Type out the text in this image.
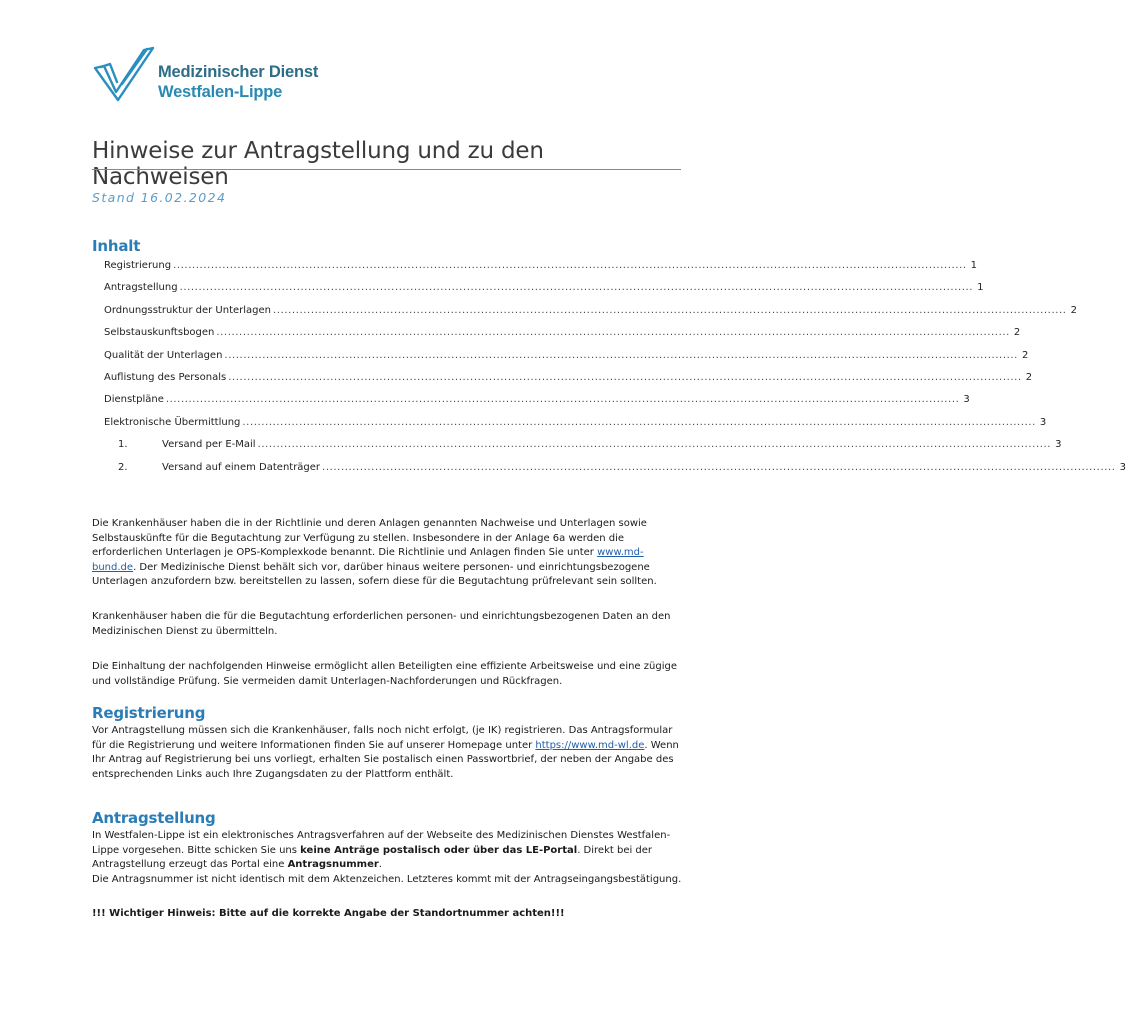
Medizinischer Dienst
Westfalen-Lippe
Hinweise zur Antragstellung und zu den Nachweisen
Stand 16.02.2024
Inhalt
Registrierung .................................................................................................................................................................................................................. 1
Antragstellung .................................................................................................................................................................................................................. 1
Ordnungsstruktur der Unterlagen .................................................................................................................................................................................................................. 2
Selbstauskunftsbogen .................................................................................................................................................................................................................. 2
Qualität der Unterlagen .................................................................................................................................................................................................................. 2
Auflistung des Personals .................................................................................................................................................................................................................. 2
Dienstpläne .................................................................................................................................................................................................................. 3
Elektronische Übermittlung .................................................................................................................................................................................................................. 3
1.	Versand per E-Mail .................................................................................................................................................................................................................. 3
2.	Versand auf einem Datenträger .................................................................................................................................................................................................................. 3

Die Krankenhäuser haben die in der Richtlinie und deren Anlagen genannten Nachweise und Unterlagen sowie Selbstauskünfte für die Begutachtung zur Verfügung zu stellen. Insbesondere in der Anlage 6a werden die erforderlichen Unterlagen je OPS-Komplexkode benannt. Die Richtlinie und Anlagen finden Sie unter www.md-bund.de. Der Medizinische Dienst behält sich vor, darüber hinaus weitere personen- und einrichtungsbezogene Unterlagen anzufordern bzw. bereitstellen zu lassen, sofern diese für die Begutachtung prüfrelevant sein sollten.

Krankenhäuser haben die für die Begutachtung erforderlichen personen- und einrichtungsbezogenen Daten an den Medizinischen Dienst zu übermitteln.

Die Einhaltung der nachfolgenden Hinweise ermöglicht allen Beteiligten eine effiziente Arbeitsweise und eine zügige und vollständige Prüfung. Sie vermeiden damit Unterlagen-Nachforderungen und Rückfragen.

Registrierung

Vor Antragstellung müssen sich die Krankenhäuser, falls noch nicht erfolgt, (je IK) registrieren. Das Antragsformular für die Registrierung und weitere Informationen finden Sie auf unserer Homepage unter https://www.md-wl.de. Wenn Ihr Antrag auf Registrierung bei uns vorliegt, erhalten Sie postalisch einen Passwortbrief, der neben der Angabe des entsprechenden Links auch Ihre Zugangsdaten zu der Plattform enthält.

Antragstellung

In Westfalen-Lippe ist ein elektronisches Antragsverfahren auf der Webseite des Medizinischen Dienstes Westfalen-Lippe vorgesehen. Bitte schicken Sie uns keine Anträge postalisch oder über das LE-Portal. Direkt bei der Antragstellung erzeugt das Portal eine Antragsnummer.
Die Antragsnummer ist nicht identisch mit dem Aktenzeichen. Letzteres kommt mit der Antragseingangsbestätigung.

!!! Wichtiger Hinweis: Bitte auf die korrekte Angabe der Standortnummer achten!!!
